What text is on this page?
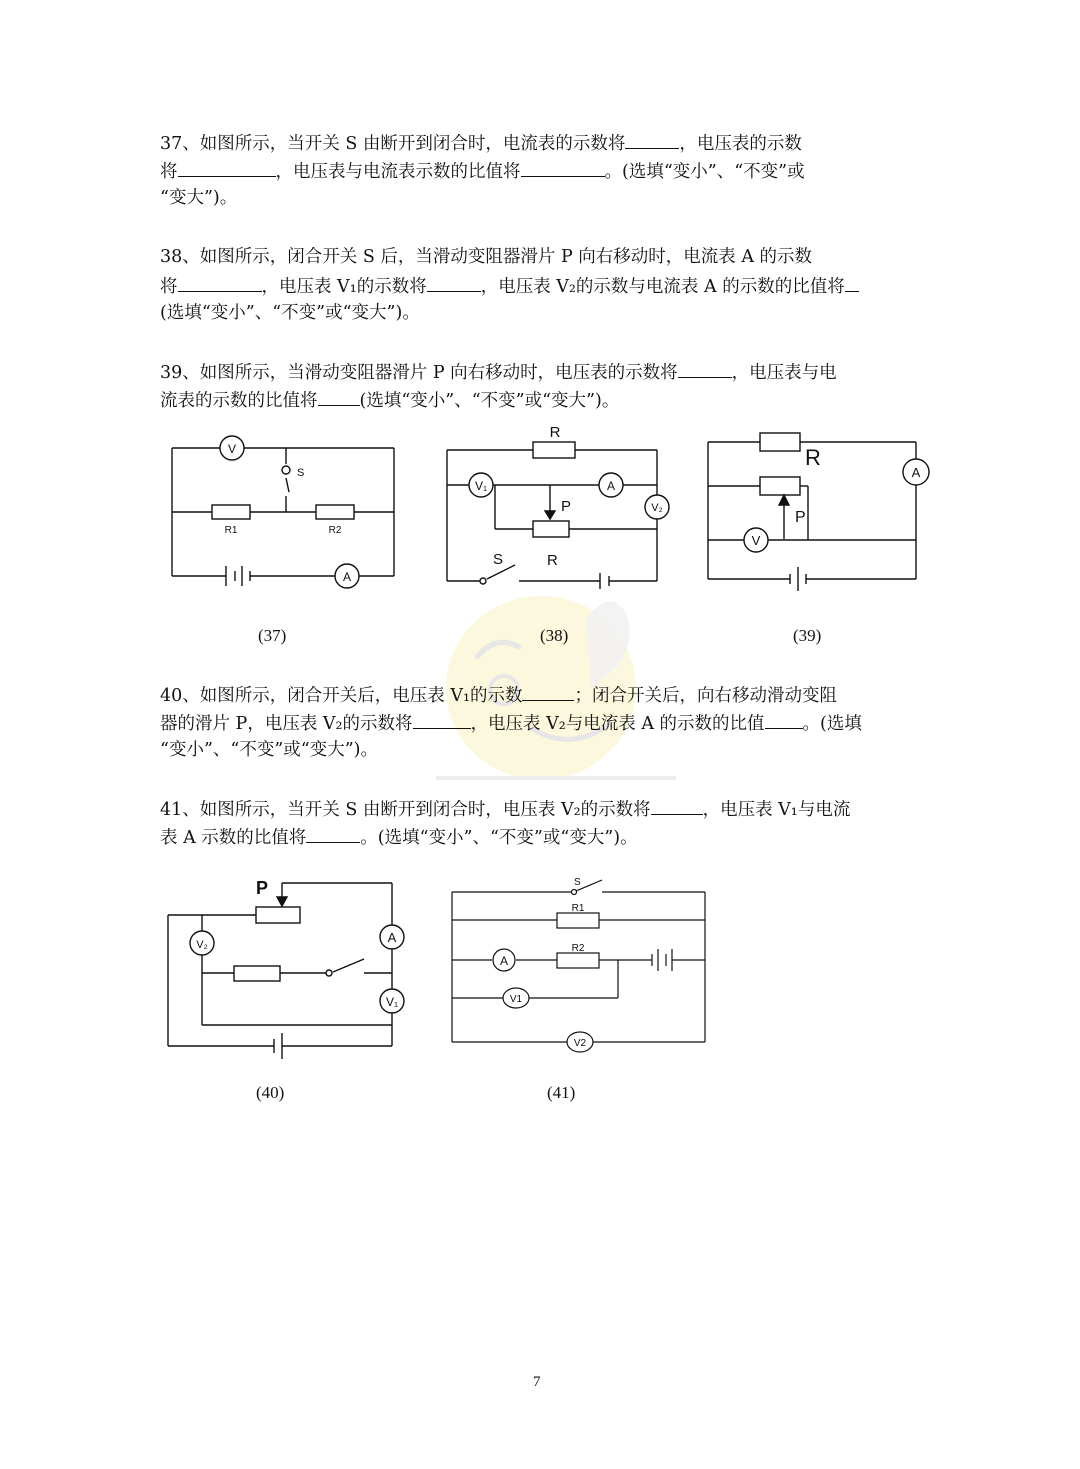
37、如图所示，当开关 S 由断开到闭合时，电流表的示数将	，电压表的示数
将	，电压表与电流表示数的比值将	。(选填“变小”、“不变”或
“变大”)。
38、如图所示，闭合开关 S 后，当滑动变阻器滑片 P 向右移动时，电流表 A 的示数
将	，电压表 V₁的示数将	，电压表 V₂的示数与电流表 A 的示数的比值将
(选填“变小”、“不变”或“变大”)。
39、如图所示，当滑动变阻器滑片 P 向右移动时，电压表的示数将	，电压表与电
流表的示数的比值将 (选填“变小”、“不变”或“变大”)。
V
S
R1	R2
A
R
V₁	A
P	V₂
S	R
R
A
P
V
(37)	(38)	(39)
40、如图所示，闭合开关后，电压表 V₁的示数	；闭合开关后，向右移动滑动变阻
器的滑片 P，电压表 V₂的示数将	，电压表 V₂与电流表 A 的示数的比值 。(选填
“变小”、“不变”或“变大”)。
41、如图所示，当开关 S 由断开到闭合时，电压表 V₂的示数将	，电压表 V₁与电流
表 A 示数的比值将	。(选填“变小”、“不变”或“变大”)。
P
V₂	A
V₁
S
R1
A
R2
V1
V2
(40)	(41)
7
